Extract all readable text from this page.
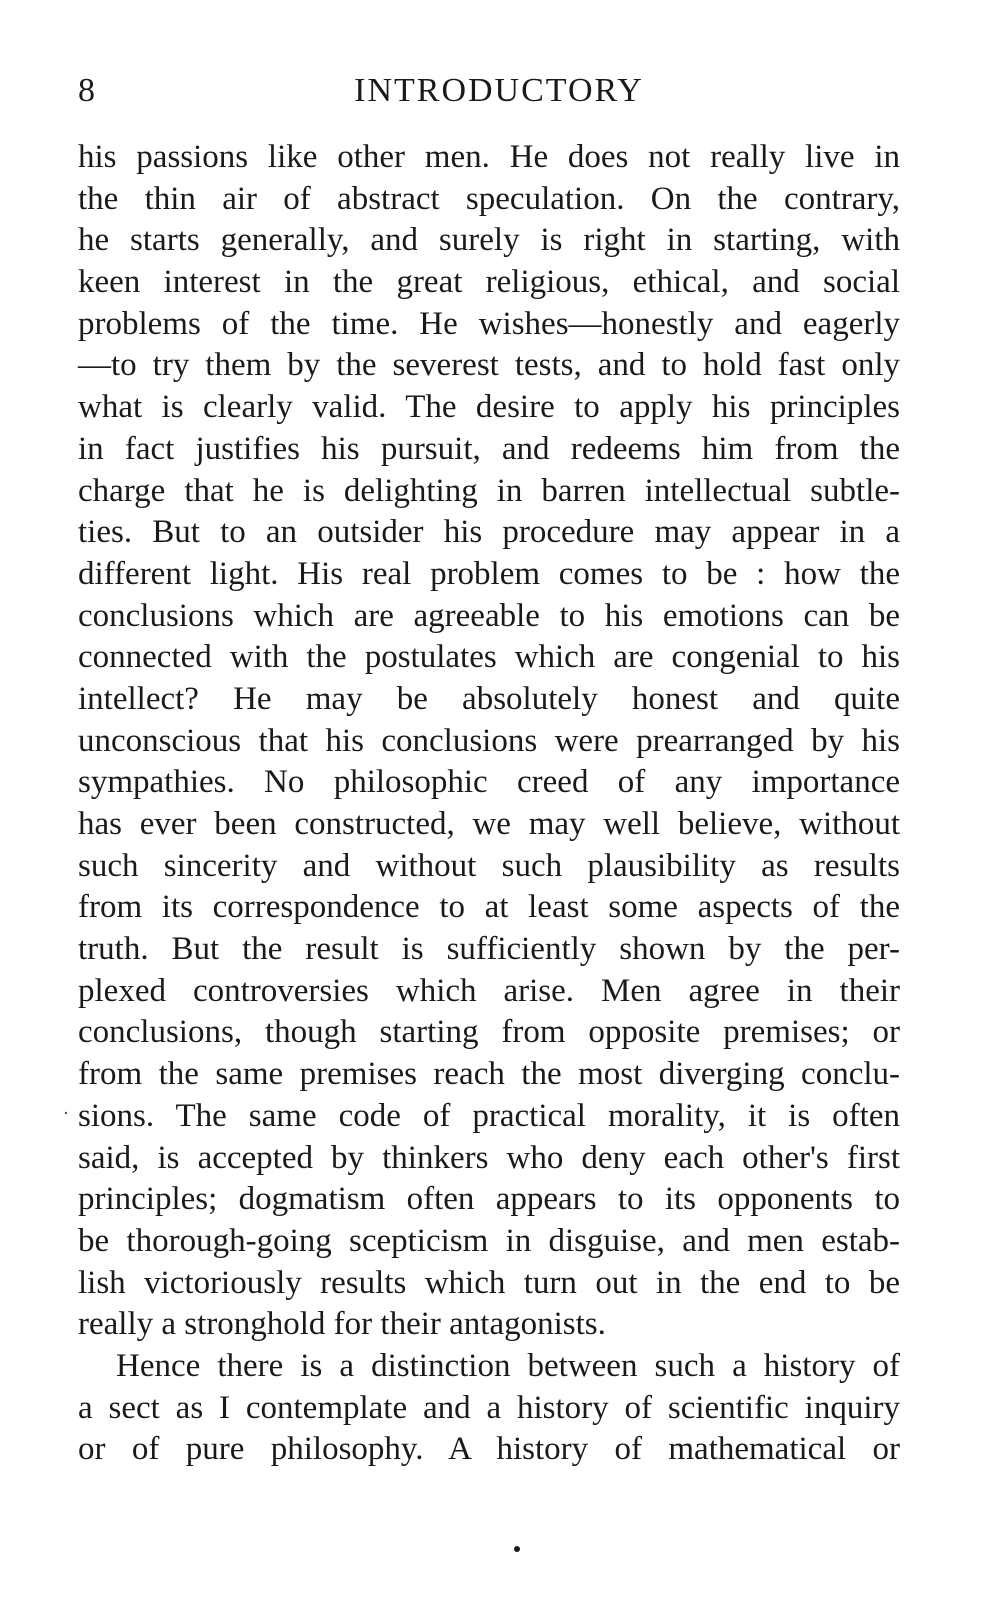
8	INTRODUCTORY
his passions like other men. He does not really live in
the thin air of abstract speculation. On the contrary,
he starts generally, and surely is right in starting, with
keen interest in the great religious, ethical, and social
problems of the time. He wishes—honestly and eagerly
—to try them by the severest tests, and to hold fast only
what is clearly valid. The desire to apply his principles
in fact justifies his pursuit, and redeems him from the
charge that he is delighting in barren intellectual subtle-
ties. But to an outsider his procedure may appear in a
different light. His real problem comes to be : how the
conclusions which are agreeable to his emotions can be
connected with the postulates which are congenial to his
intellect? He may be absolutely honest and quite
unconscious that his conclusions were prearranged by his
sympathies. No philosophic creed of any importance
has ever been constructed, we may well believe, without
such sincerity and without such plausibility as results
from its correspondence to at least some aspects of the
truth. But the result is sufficiently shown by the per-
plexed controversies which arise. Men agree in their
conclusions, though starting from opposite premises; or
from the same premises reach the most diverging conclu-
sions. The same code of practical morality, it is often
said, is accepted by thinkers who deny each other's first
principles; dogmatism often appears to its opponents to
be thorough-going scepticism in disguise, and men estab-
lish victoriously results which turn out in the end to be
really a stronghold for their antagonists.
Hence there is a distinction between such a history of
a sect as I contemplate and a history of scientific inquiry
or of pure philosophy. A history of mathematical or
